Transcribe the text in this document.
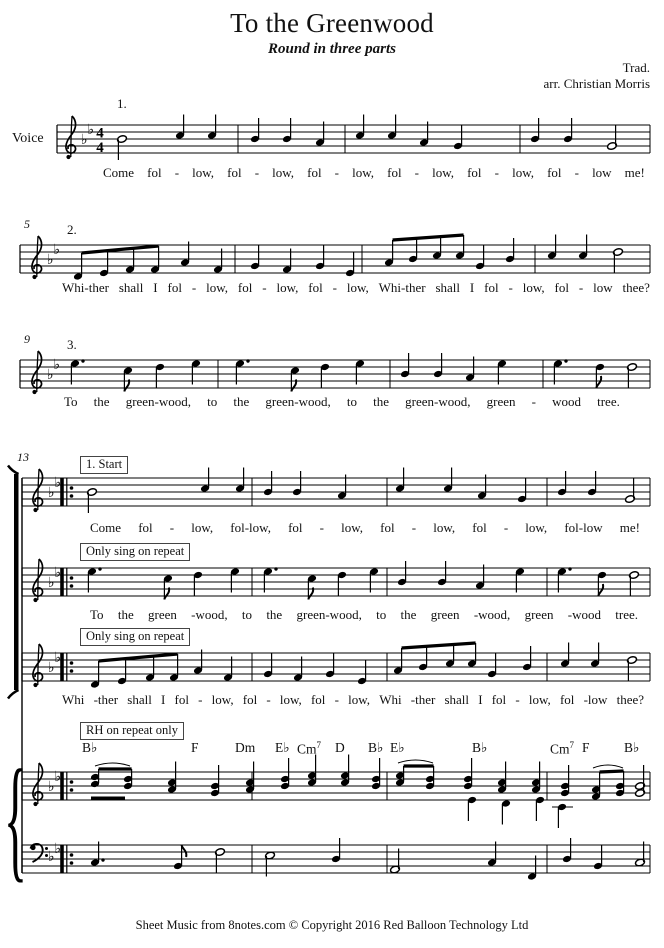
♭
♭ 4
4
♭
♭
♭
♭
♭
♭
♭
♭
♭
♭
♭
♭
♭ ♭
{
To the Greenwood
Round in three parts
Trad.
arr. Christian Morris
Voice
1.
2.
3.
5
9
13	1. Start
Only sing on repeat
Only sing on repeat
RH on repeat only
Come fol - low, fol - low, fol - low, fol - low, fol - low, fol - low me!
Whi-ther shall I fol - low, fol - low, fol - low, Whi-ther shall I fol - low, fol - low thee?
To the green-wood, to the green-wood, to the green-wood, green - wood tree.
Come fol - low, fol-low, fol - low, fol - low, fol - low, fol-low me!
To the green -wood, to the green-wood, to the green -wood, green -wood tree.
Whi -ther shall I fol - low, fol - low, fol - low, Whi -ther shall I fol - low, fol -low thee?
B♭	F	Dm E♭ Cm$^7$ D B♭ E♭	B♭	Cm$^7$ F	B♭
Sheet Music from 8notes.com © Copyright 2016 Red Balloon Technology Ltd
